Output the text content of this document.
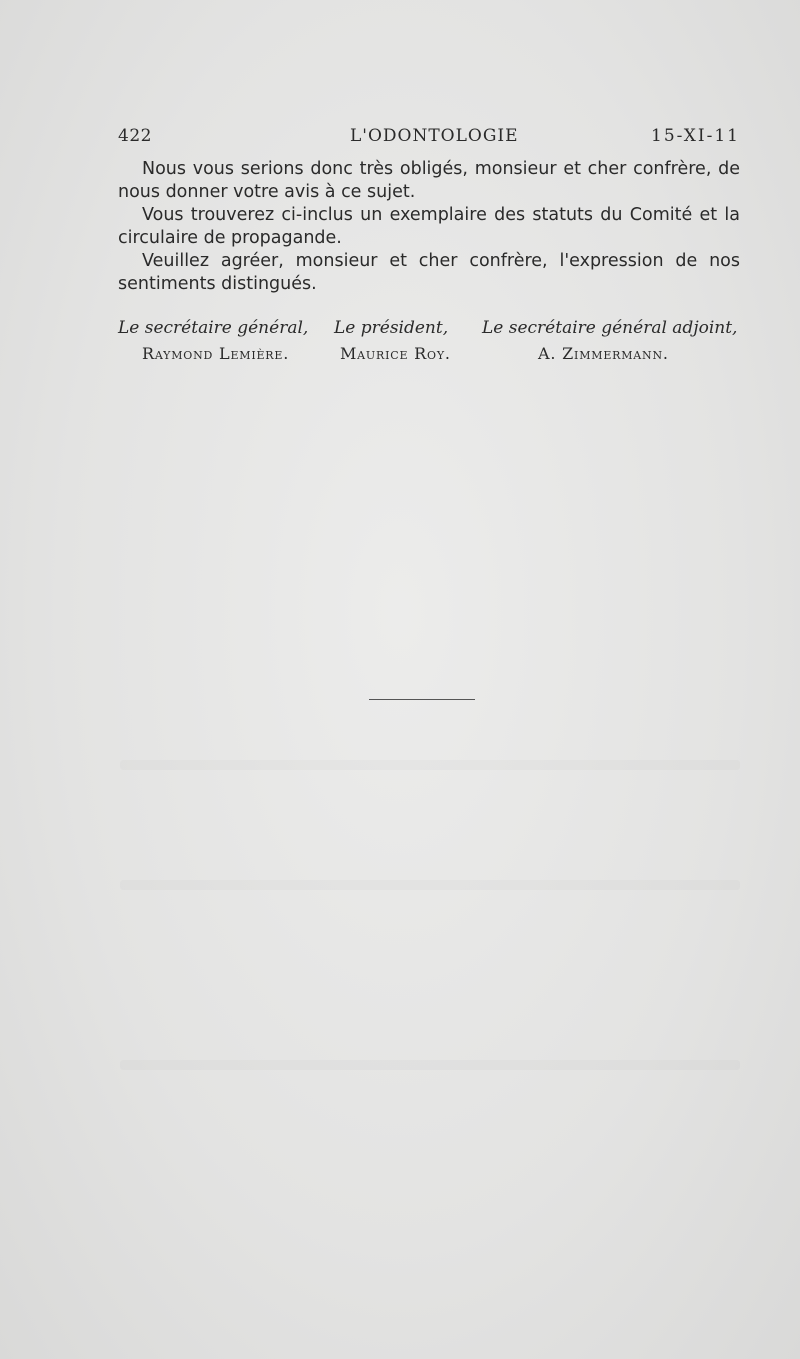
422	L'ODONTOLOGIE	15-XI-11

Nous vous serions donc très obligés, monsieur et cher confrère, de nous donner votre avis à ce sujet.

Vous trouverez ci-inclus un exemplaire des statuts du Comité et la circulaire de propagande.

Veuillez agréer, monsieur et cher confrère, l'expression de nos sentiments distingués.

Le secrétaire général, Le président, Le secrétaire général adjoint,
Raymond Lemière.	Maurice Roy.	A. Zimmermann.
